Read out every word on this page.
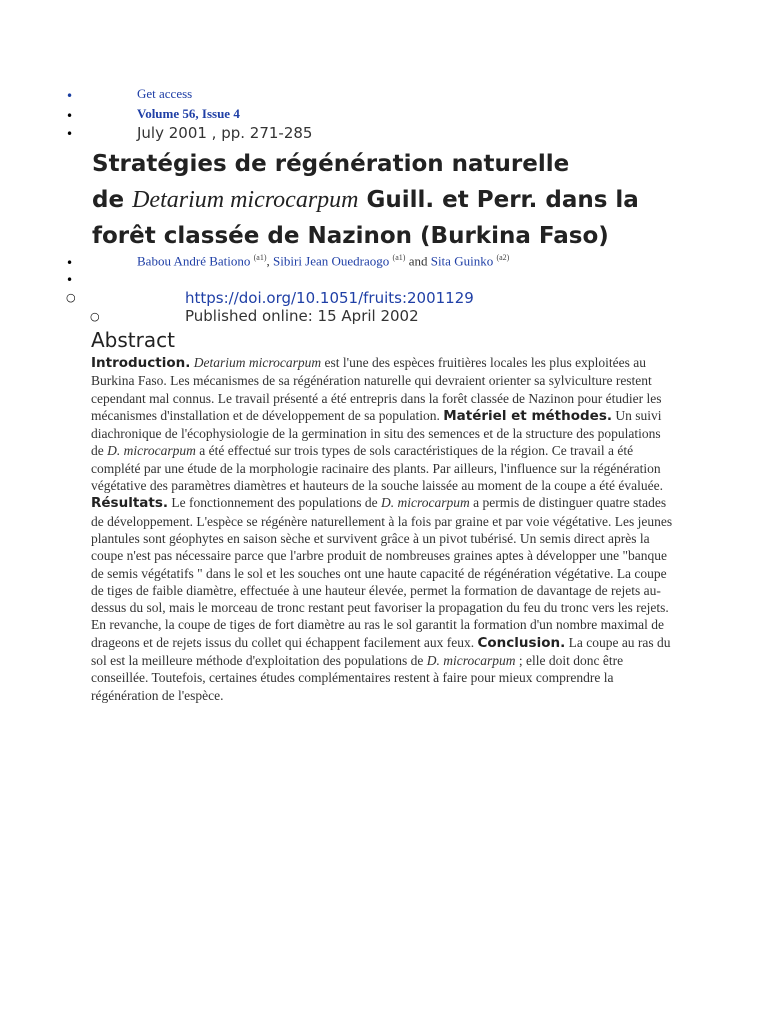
•
•
•
•
•
○
○
Get access
Volume 56, Issue 4
July 2001 , pp. 271-285
Stratégies de régénération naturelle
de Detarium microcarpum Guill. et Perr. dans la forêt classée de Nazinon (Burkina Faso)
Babou André Bationo $^{(a1)}$, Sibiri Jean Ouedraogo $^{(a1)}$ and Sita Guinko $^{(a2)}$
https://doi.org/10.1051/fruits:2001129
Published online: 15 April 2002
Abstract

Introduction. Detarium microcarpum est l'une des espèces fruitières locales les plus exploitées au Burkina Faso. Les mécanismes de sa régénération naturelle qui devraient orienter sa sylviculture restent cependant mal connus. Le travail présenté a été entrepris dans la forêt classée de Nazinon pour étudier les mécanismes d'installation et de développement de sa population. Matériel et méthodes. Un suivi diachronique de l'écophysiologie de la germination in situ des semences et de la structure des populations de D. microcarpum a été effectué sur trois types de sols caractéristiques de la région. Ce travail a été complété par une étude de la morphologie racinaire des plants. Par ailleurs, l'influence sur la régénération végétative des paramètres diamètres et hauteurs de la souche laissée au moment de la coupe a été évaluée. Résultats. Le fonctionnement des populations de D. microcarpum a permis de distinguer quatre stades de développement. L'espèce se régénère naturellement à la fois par graine et par voie végétative. Les jeunes plantules sont géophytes en saison sèche et survivent grâce à un pivot tubérisé. Un semis direct après la coupe n'est pas nécessaire parce que l'arbre produit de nombreuses graines aptes à développer une "banque de semis végétatifs " dans le sol et les souches ont une haute capacité de régénération végétative. La coupe de tiges de faible diamètre, effectuée à une hauteur élevée, permet la formation de davantage de rejets au-dessus du sol, mais le morceau de tronc restant peut favoriser la propagation du feu du tronc vers les rejets. En revanche, la coupe de tiges de fort diamètre au ras le sol garantit la formation d'un nombre maximal de drageons et de rejets issus du collet qui échappent facilement aux feux. Conclusion. La coupe au ras du sol est la meilleure méthode d'exploitation des populations de D. microcarpum ; elle doit donc être conseillée. Toutefois, certaines études complémentaires restent à faire pour mieux comprendre la régénération de l'espèce.
